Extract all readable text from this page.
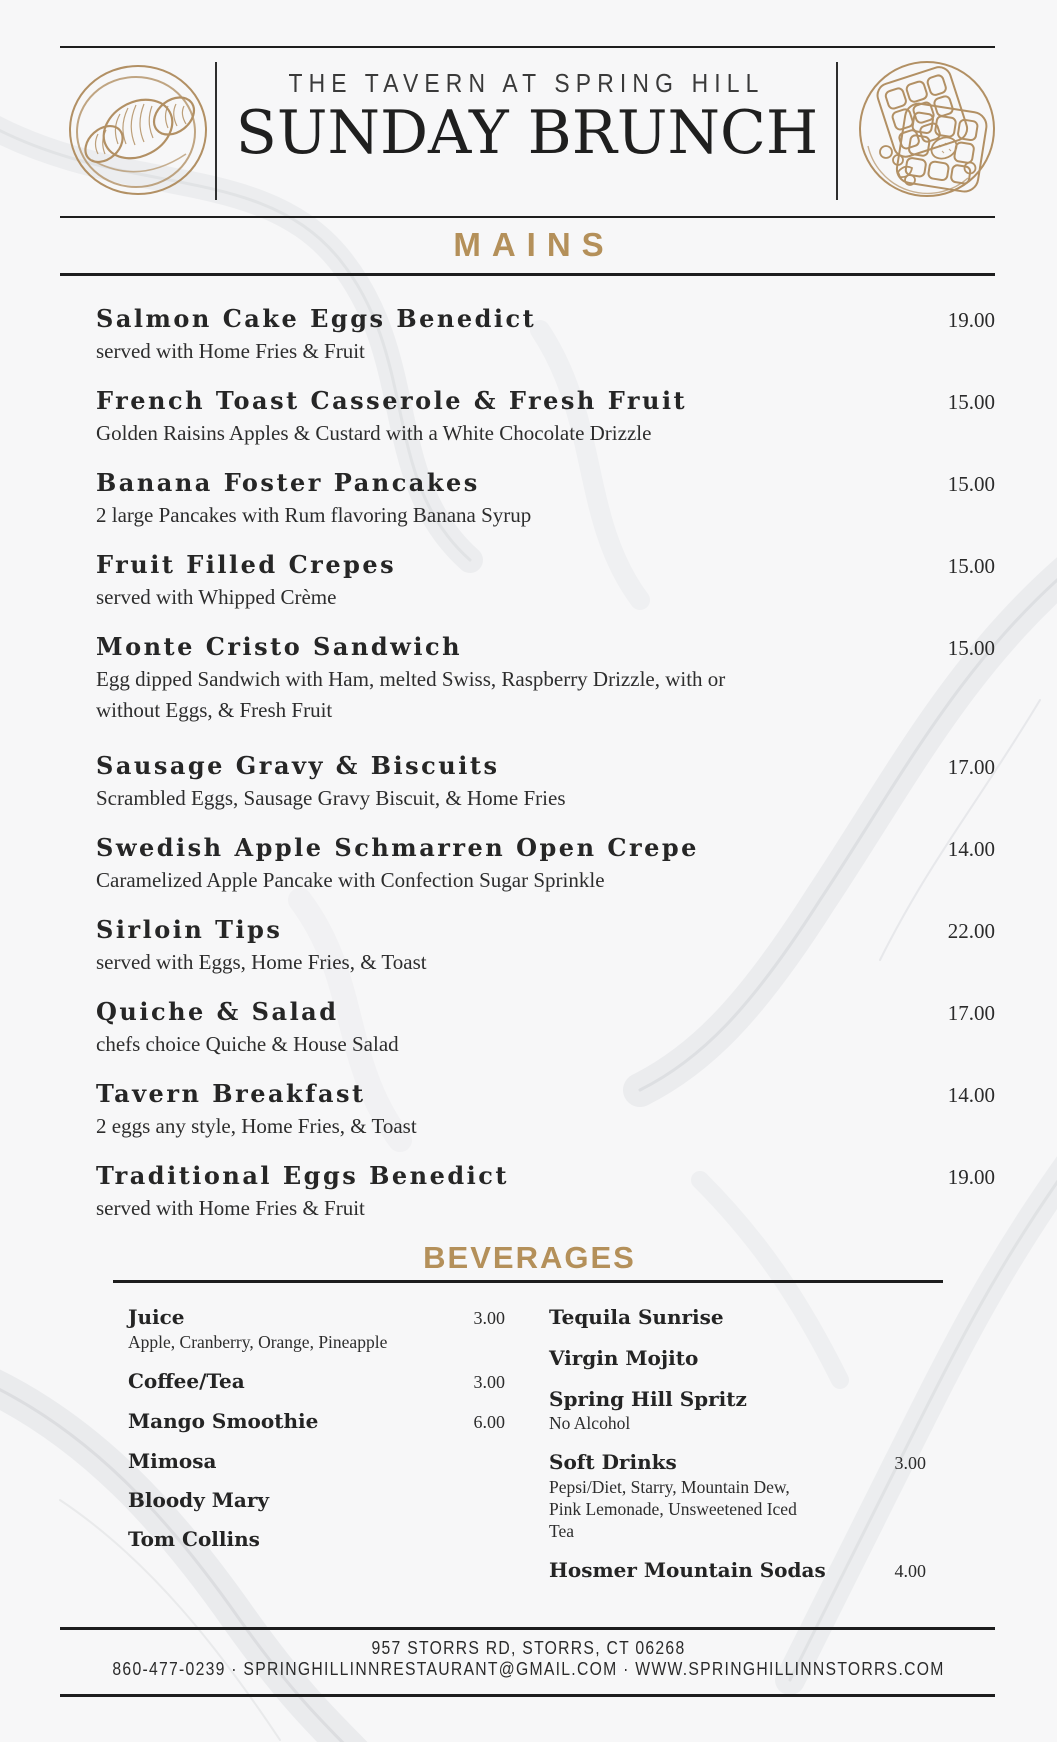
THE TAVERN AT SPRING HILL
SUNDAY BRUNCH
MAINS
Salmon Cake Eggs Benedict	19.00
served with Home Fries & Fruit
French Toast Casserole & Fresh Fruit	15.00
Golden Raisins Apples & Custard with a White Chocolate Drizzle
Banana Foster Pancakes	15.00
2 large Pancakes with Rum flavoring Banana Syrup
Fruit Filled Crepes	15.00
served with Whipped Crème
Monte Cristo Sandwich	15.00
Egg dipped Sandwich with Ham, melted Swiss, Raspberry Drizzle, with or without Eggs, & Fresh Fruit
Sausage Gravy & Biscuits	17.00
Scrambled Eggs, Sausage Gravy Biscuit, & Home Fries
Swedish Apple Schmarren Open Crepe	14.00
Caramelized Apple Pancake with Confection Sugar Sprinkle
Sirloin Tips	22.00
served with Eggs, Home Fries, & Toast
Quiche & Salad	17.00
chefs choice Quiche & House Salad
Tavern Breakfast	14.00
2 eggs any style, Home Fries, & Toast
Traditional Eggs Benedict	19.00
served with Home Fries & Fruit
BEVERAGES
Juice	3.00
Apple, Cranberry, Orange, Pineapple
Coffee/Tea	3.00
Mango Smoothie	6.00
Mimosa
Bloody Mary
Tom Collins
Tequila Sunrise
Virgin Mojito
Spring Hill Spritz
No Alcohol
Soft Drinks	3.00
Pepsi/Diet, Starry, Mountain Dew, Pink Lemonade, Unsweetened Iced Tea
Hosmer Mountain Sodas	4.00
957 STORRS RD, STORRS, CT 06268
860-477-0239 · SPRINGHILLINNRESTAURANT@GMAIL.COM · WWW.SPRINGHILLINNSTORRS.COM
